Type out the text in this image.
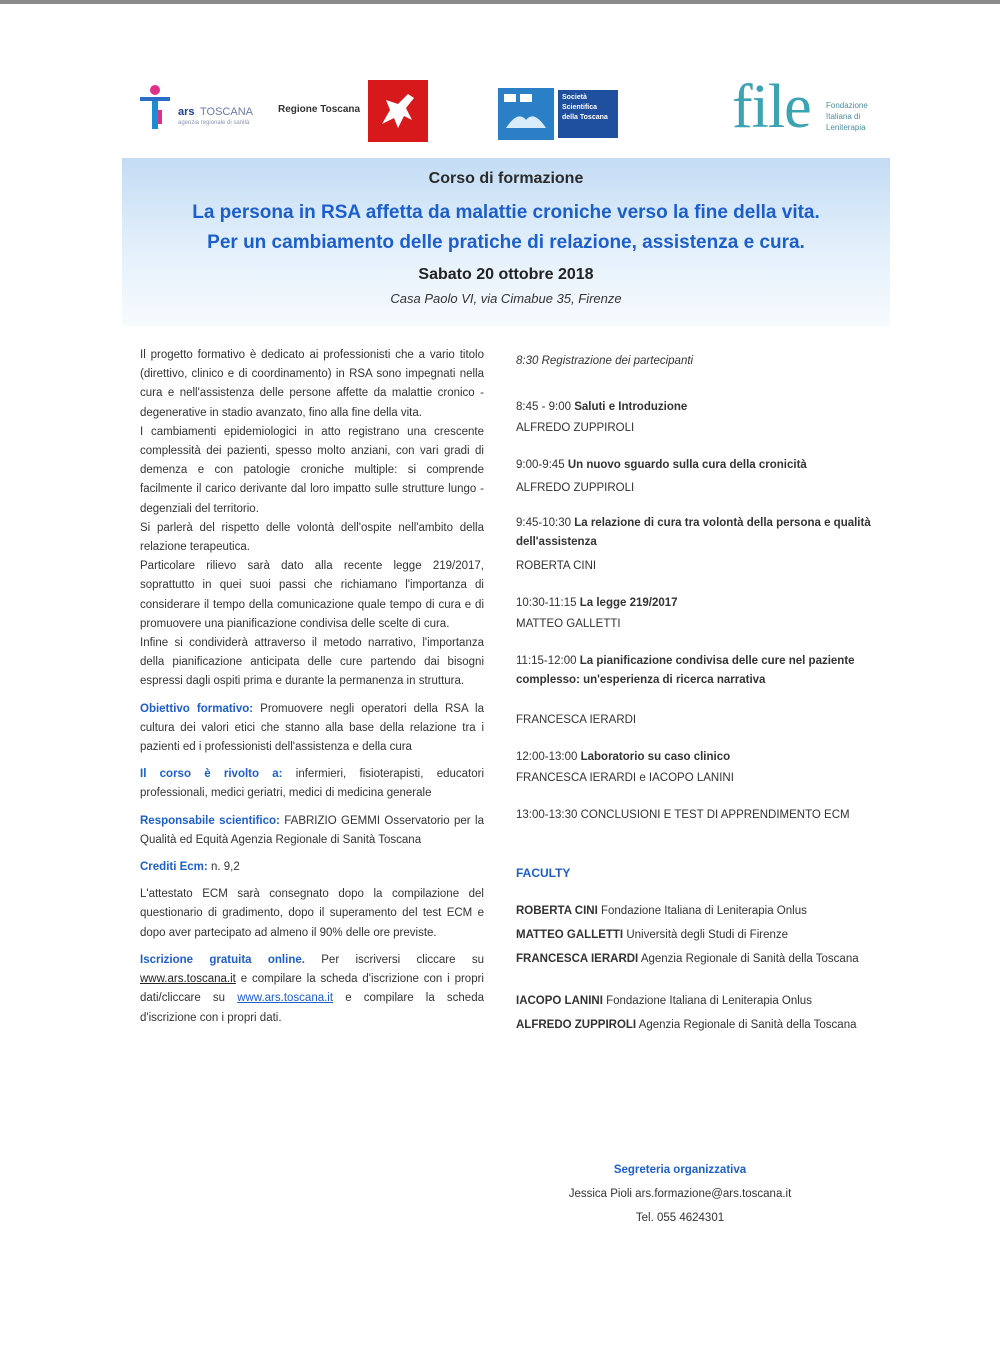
ars TOSCANA
agenzia regionale di sanità
Regione Toscana
Società Scientifica della Toscana file Fondazione Italiana di Leniterapia
Corso di formazione
La persona in RSA affetta da malattie croniche verso la fine della vita.
Per un cambiamento delle pratiche di relazione, assistenza e cura.
Sabato 20 ottobre 2018
Casa Paolo VI, via Cimabue 35, Firenze

Il progetto formativo è dedicato ai professionisti che a vario titolo (direttivo, clinico e di coordinamento) in RSA sono impegnati nella cura e nell'assistenza delle persone affette da malattie cronico - degenerative in stadio avanzato, fino alla fine della vita.

I cambiamenti epidemiologici in atto registrano una crescente complessità dei pazienti, spesso molto anziani, con vari gradi di demenza e con patologie croniche multiple: si comprende facilmente il carico derivante dal loro impatto sulle strutture lungo - degenziali del territorio.

Si parlerà del rispetto delle volontà dell'ospite nell'ambito della relazione terapeutica.

Particolare rilievo sarà dato alla recente legge 219/2017, soprattutto in quei suoi passi che richiamano l'importanza di considerare il tempo della comunicazione quale tempo di cura e di promuovere una pianificazione condivisa delle scelte di cura.

Infine si condividerà attraverso il metodo narrativo, l'importanza della pianificazione anticipata delle cure partendo dai bisogni espressi dagli ospiti prima e durante la permanenza in struttura.

Obiettivo formativo: Promuovere negli operatori della RSA la cultura dei valori etici che stanno alla base della relazione tra i pazienti ed i professionisti dell'assistenza e della cura

Il corso è rivolto a: infermieri, fisioterapisti, educatori professionali, medici geriatri, medici di medicina generale

Responsabile scientifico: FABRIZIO GEMMI Osservatorio per la Qualità ed Equità Agenzia Regionale di Sanità Toscana

Crediti Ecm: n. 9,2

L'attestato ECM sarà consegnato dopo la compilazione del questionario di gradimento, dopo il superamento del test ECM e dopo aver partecipato ad almeno il 90% delle ore previste.

Iscrizione gratuita online. Per iscriversi cliccare su www.ars.toscana.it e compilare la scheda d'iscrizione con i propri dati/cliccare su www.ars.toscana.it e compilare la scheda d'iscrizione con i propri dati.

8:30 Registrazione dei partecipanti
8:45 - 9:00 Saluti e Introduzione
ALFREDO ZUPPIROLI
9:00-9:45 Un nuovo sguardo sulla cura della cronicità
ALFREDO ZUPPIROLI
9:45-10:30 La relazione di cura tra volontà della persona e qualità dell'assistenza
ROBERTA CINI
10:30-11:15 La legge 219/2017
MATTEO GALLETTI
11:15-12:00 La pianificazione condivisa delle cure nel paziente complesso: un'esperienza di ricerca narrativa
FRANCESCA IERARDI
12:00-13:00 Laboratorio su caso clinico
FRANCESCA IERARDI e IACOPO LANINI
13:00-13:30 CONCLUSIONI E TEST DI APPRENDIMENTO ECM
FACULTY
ROBERTA CINI Fondazione Italiana di Leniterapia Onlus
MATTEO GALLETTI Università degli Studi di Firenze
FRANCESCA IERARDI Agenzia Regionale di Sanità della Toscana
IACOPO LANINI Fondazione Italiana di Leniterapia Onlus
ALFREDO ZUPPIROLI Agenzia Regionale di Sanità della Toscana
Segreteria organizzativa
Jessica Pioli ars.formazione@ars.toscana.it
Tel. 055 4624301
